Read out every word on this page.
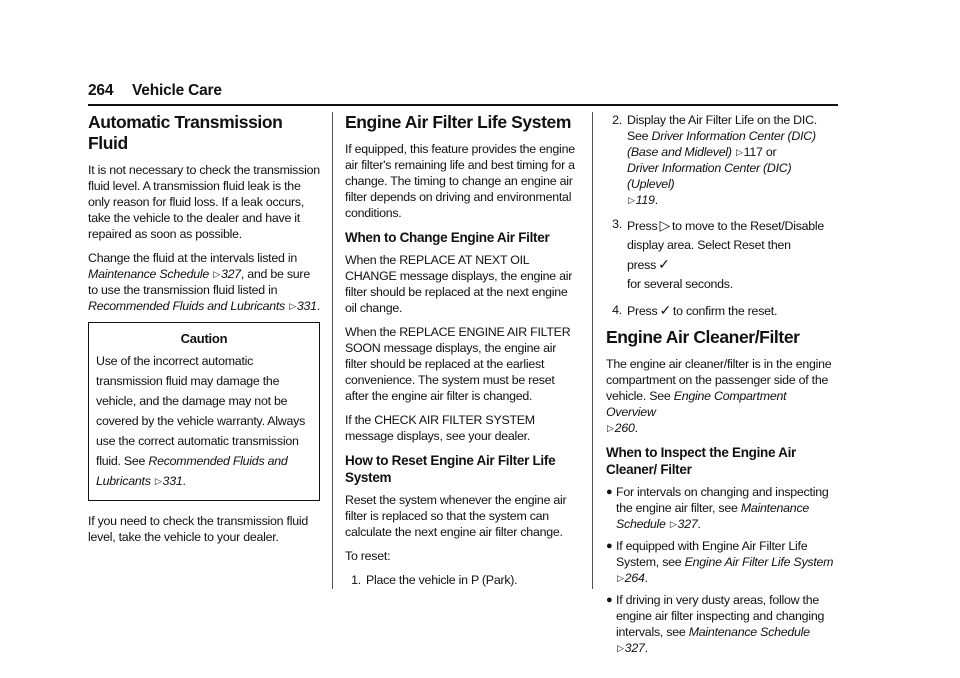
264 Vehicle Care
Automatic Transmission Fluid

It is not necessary to check the transmission fluid level. A transmission fluid leak is the only reason for fluid loss. If a leak occurs, take the vehicle to the dealer and have it repaired as soon as possible.

Change the fluid at the intervals listed in Maintenance Schedule ▷327, and be sure to use the transmission fluid listed in Recommended Fluids and Lubricants ▷331.

Caution
Use of the incorrect automatic transmission fluid may damage the vehicle, and the damage may not be covered by the vehicle warranty. Always use the correct automatic transmission fluid. See Recommended Fluids and Lubricants ▷331.

If you need to check the transmission fluid level, take the vehicle to your dealer.

Engine Air Filter Life System

If equipped, this feature provides the engine air filter's remaining life and best timing for a change. The timing to change an engine air filter depends on driving and environmental conditions.

When to Change Engine Air Filter

When the REPLACE AT NEXT OIL CHANGE message displays, the engine air filter should be replaced at the next engine oil change.

When the REPLACE ENGINE AIR FILTER SOON message displays, the engine air filter should be replaced at the earliest convenience. The system must be reset after the engine air filter is changed.

If the CHECK AIR FILTER SYSTEM message displays, see your dealer.

How to Reset Engine Air Filter Life System

Reset the system whenever the engine air filter is replaced so that the system can calculate the next engine air filter change.

To reset:

1. Place the vehicle in P (Park).
2. Display the Air Filter Life on the DIC. See Driver Information Center (DIC) (Base and Midlevel) ▷117 or
Driver Information Center (DIC) (Uplevel)
▷119.
3. Press ▷ to move to the Reset/Disable display area. Select Reset then press ✓
for several seconds.
4. Press ✓ to confirm the reset.
Engine Air Cleaner/Filter

The engine air cleaner/filter is in the engine compartment on the passenger side of the vehicle. See Engine Compartment Overview
▷260.

When to Inspect the Engine Air Cleaner/ Filter
● For intervals on changing and inspecting the engine air filter, see Maintenance Schedule ▷327.
● If equipped with Engine Air Filter Life System, see Engine Air Filter Life System
▷264.
● If driving in very dusty areas, follow the engine air filter inspecting and changing intervals, see Maintenance Schedule
▷327.
